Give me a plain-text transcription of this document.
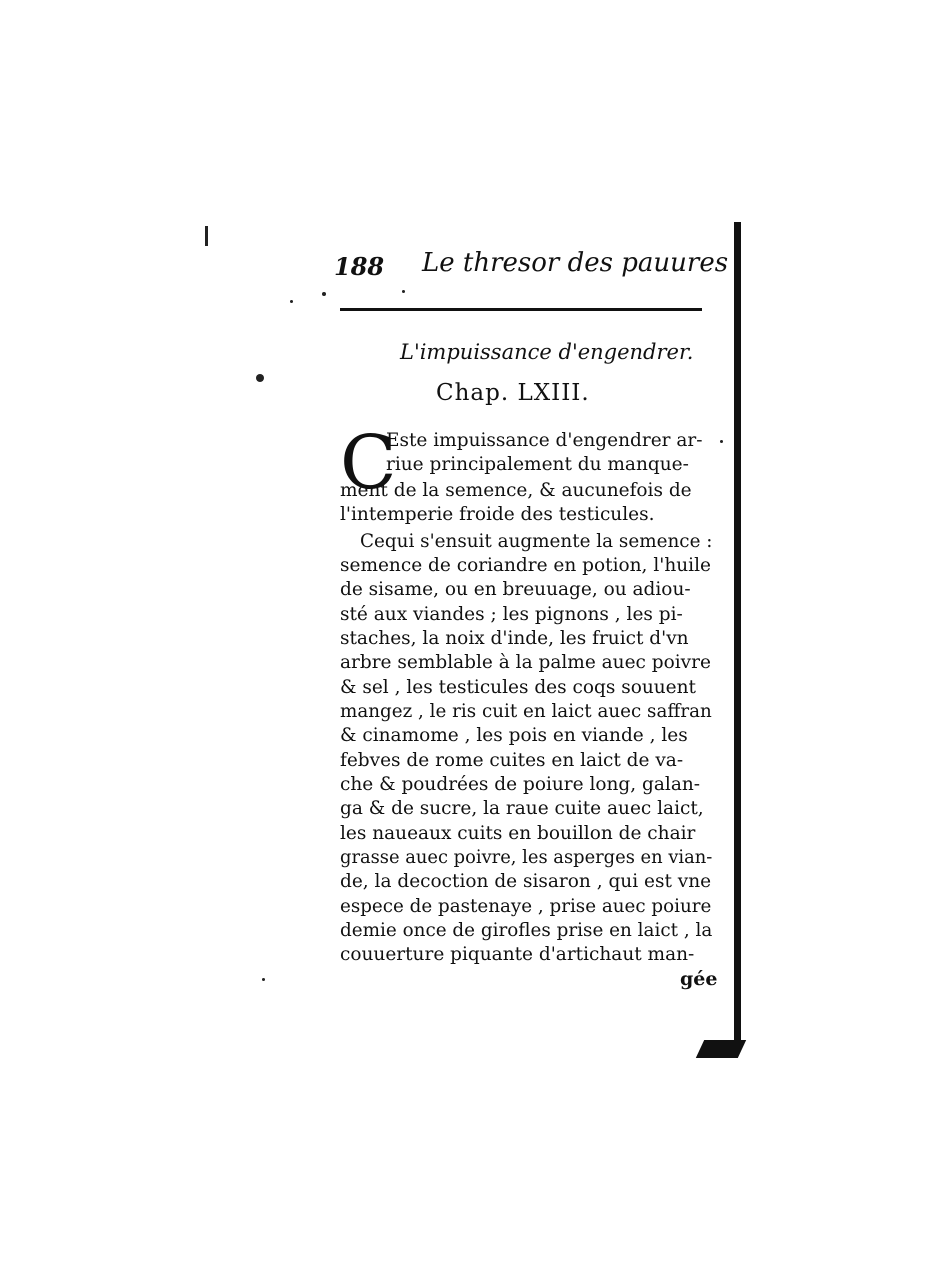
188 Le thresor des pauures
L'impuissance d'engendrer.
Chap. LXIII.
C
Este impuissance d'engendrer ar-
riue principalement du manque-
ment de la semence, & aucunefois de
l'intemperie froide des testicules.
Cequi s'ensuit augmente la semence :
semence de coriandre en potion, l'huile
de sisame, ou en breuuage, ou adiou-
sté aux viandes ; les pignons , les pi-
staches, la noix d'inde, les fruict d'vn
arbre semblable à la palme auec poivre
& sel , les testicules des coqs souuent
mangez , le ris cuit en laict auec saffran
& cinamome , les pois en viande , les
febves de rome cuites en laict de va-
che & poudrées de poiure long, galan-
ga & de sucre, la raue cuite auec laict,
les naueaux cuits en bouillon de chair
grasse auec poivre, les asperges en vian-
de, la decoction de sisaron , qui est vne
espece de pastenaye , prise auec poiure
demie once de girofles prise en laict , la
couuerture piquante d'artichaut man-
gée
